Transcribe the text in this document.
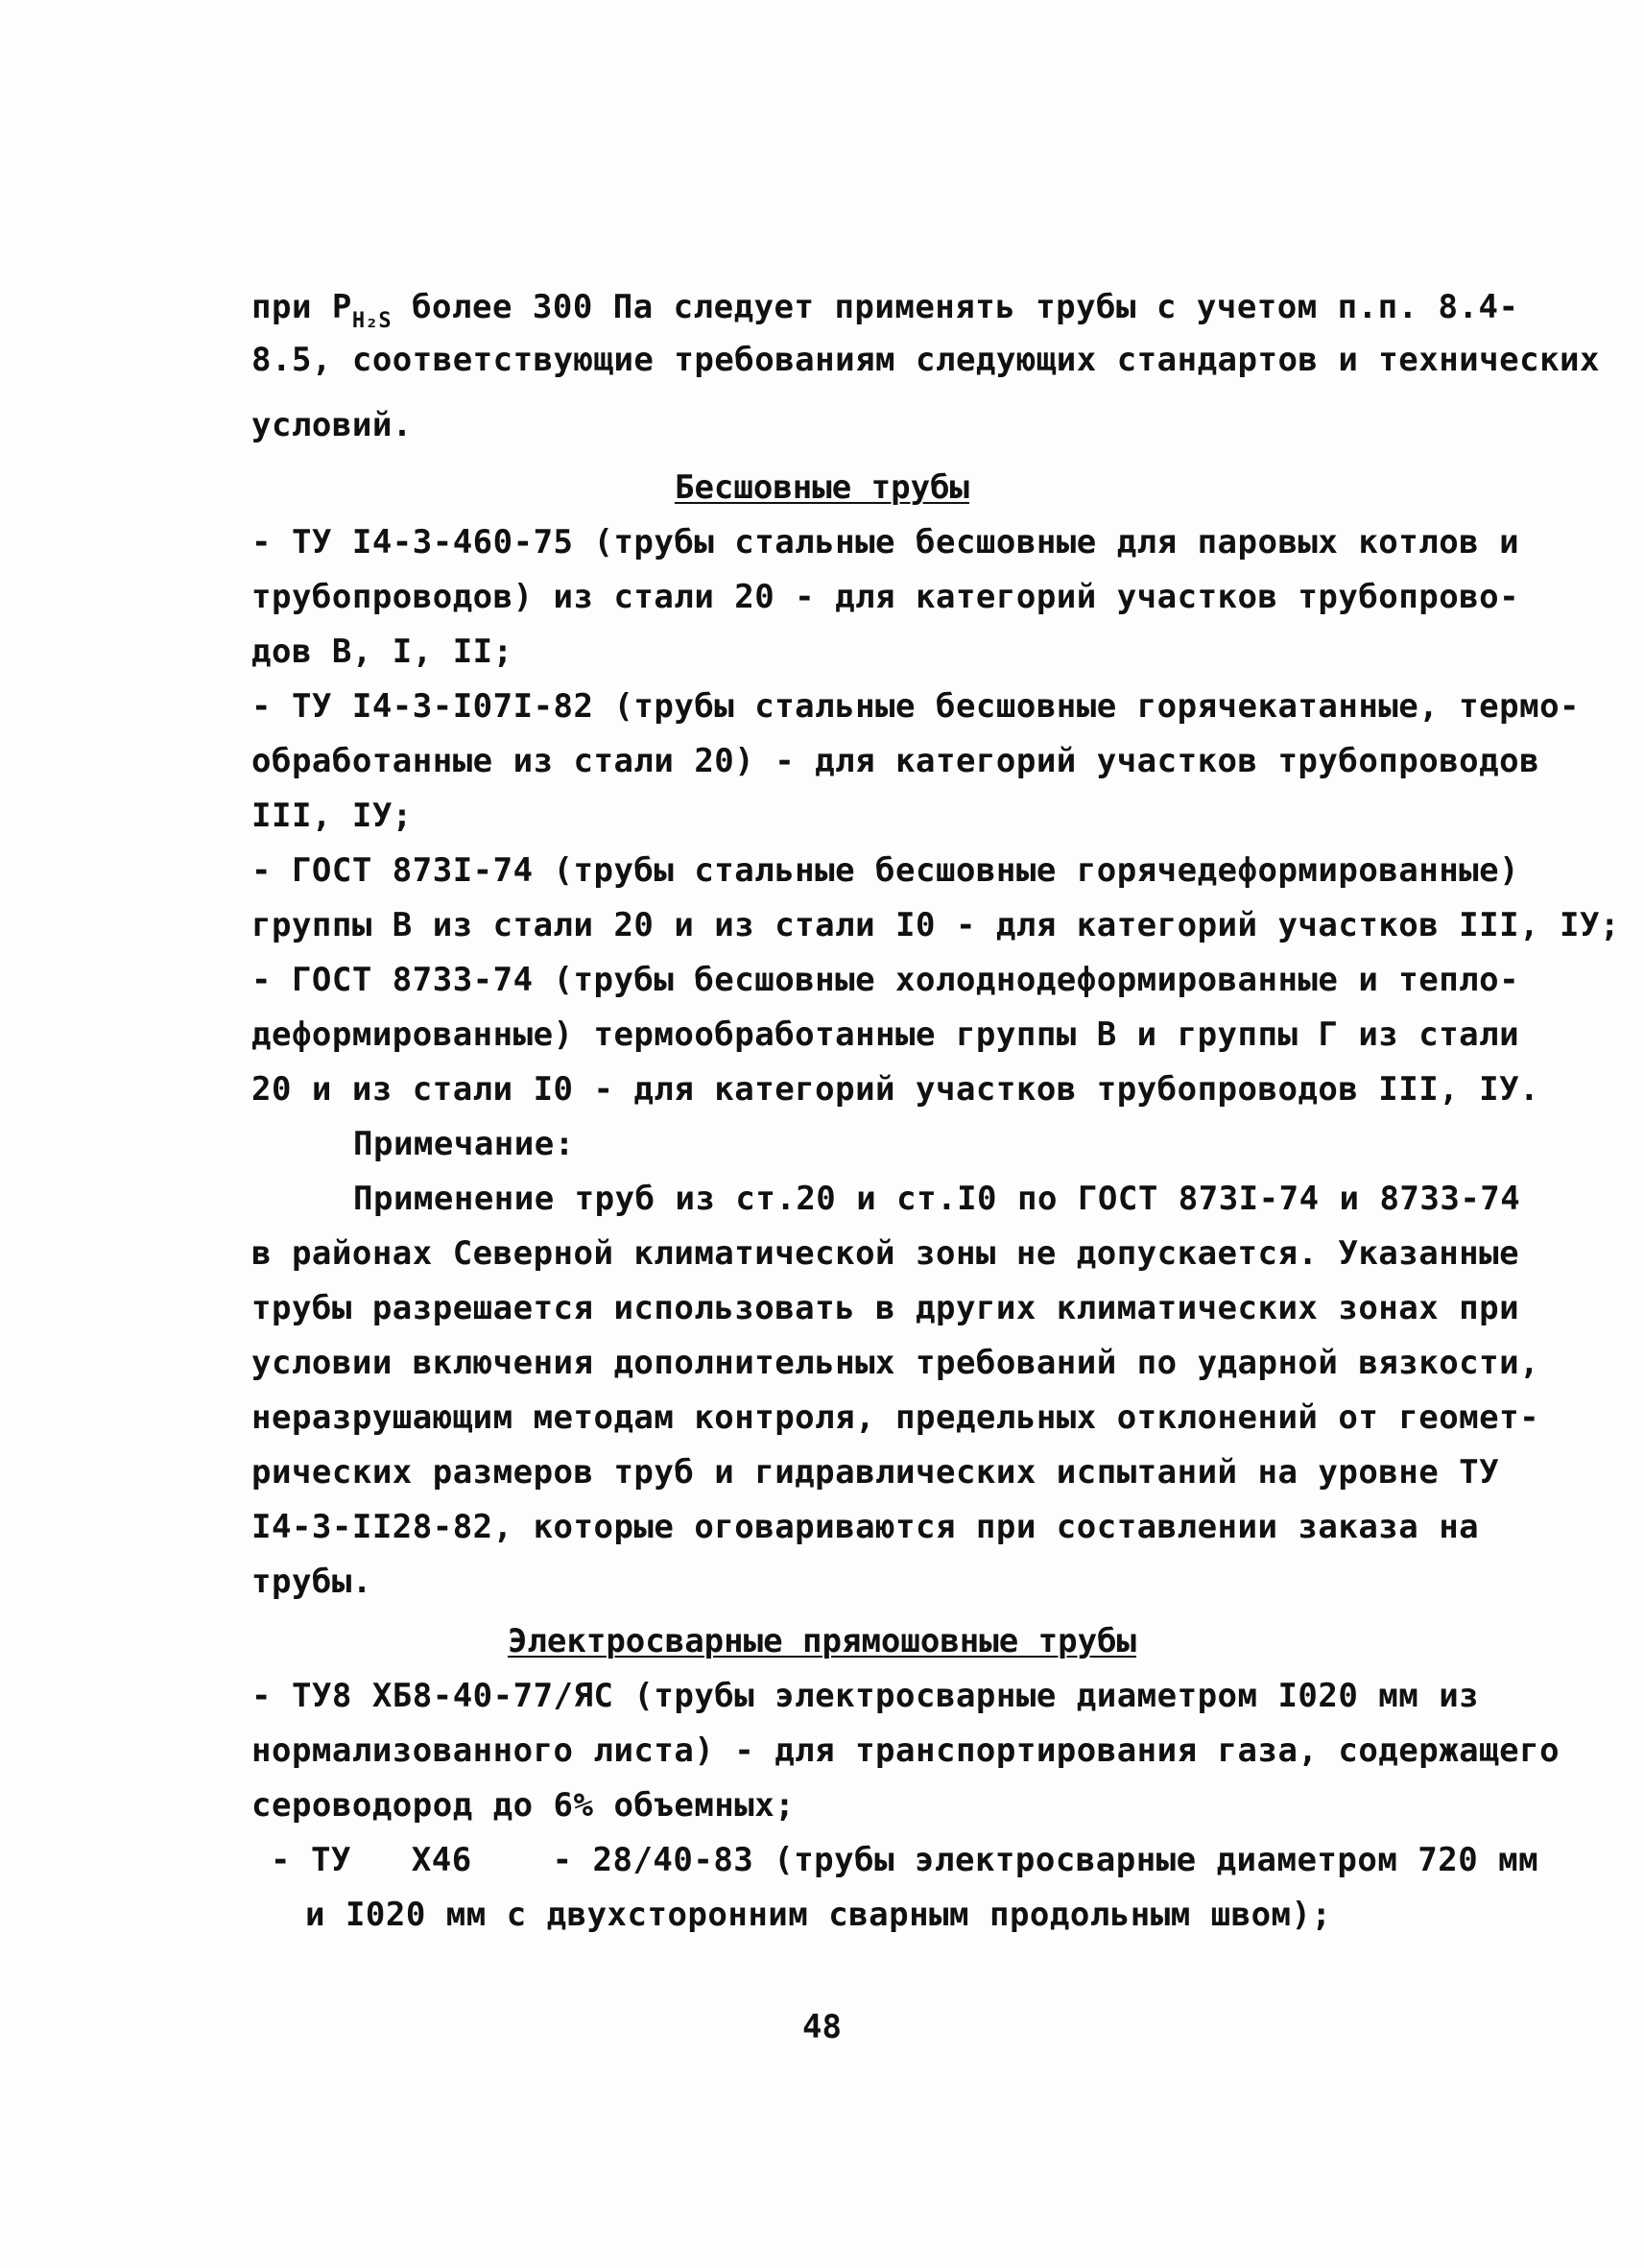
при $P_{H_2S}$ более 300 Па следует применять трубы с учетом п.п. 8.4-
8.5, соответствующие требованиям следующих стандартов и технических
условий.
Бесшовные трубы
- ТУ I4-3-460-75 (трубы стальные бесшовные для паровых котлов и
трубопроводов) из стали 20 - для категорий участков трубопрово-
дов В, I, II;
- ТУ I4-3-I07I-82 (трубы стальные бесшовные горячекатанные, термо-
обработанные из стали 20) - для категорий участков трубопроводов
III, IУ;
- ГОСТ 873I-74 (трубы стальные бесшовные горячедеформированные)
группы В из стали 20 и из стали I0 - для категорий участков III, IУ;
- ГОСТ 8733-74 (трубы бесшовные холоднодеформированные и тепло-
деформированные) термообработанные группы В и группы Г из стали
20 и из стали I0 - для категорий участков трубопроводов III, IУ.
Примечание:
Применение труб из ст.20 и ст.I0 по ГОСТ 873I-74 и 8733-74
в районах Северной климатической зоны не допускается. Указанные
трубы разрешается использовать в других климатических зонах при
условии включения дополнительных требований по ударной вязкости,
неразрушающим методам контроля, предельных отклонений от геомет-
рических размеров труб и гидравлических испытаний на уровне ТУ
I4-3-II28-82, которые оговариваются при составлении заказа на
трубы.
Электросварные прямошовные трубы
- ТУ8 ХБ8-40-77/ЯС (трубы электросварные диаметром I020 мм из
нормализованного листа) - для транспортирования газа, содержащего
сероводород до 6% объемных;
- ТУ   Х46    - 28/40-83 (трубы электросварные диаметром 720 мм
и I020 мм с двухсторонним сварным продольным швом);
48
